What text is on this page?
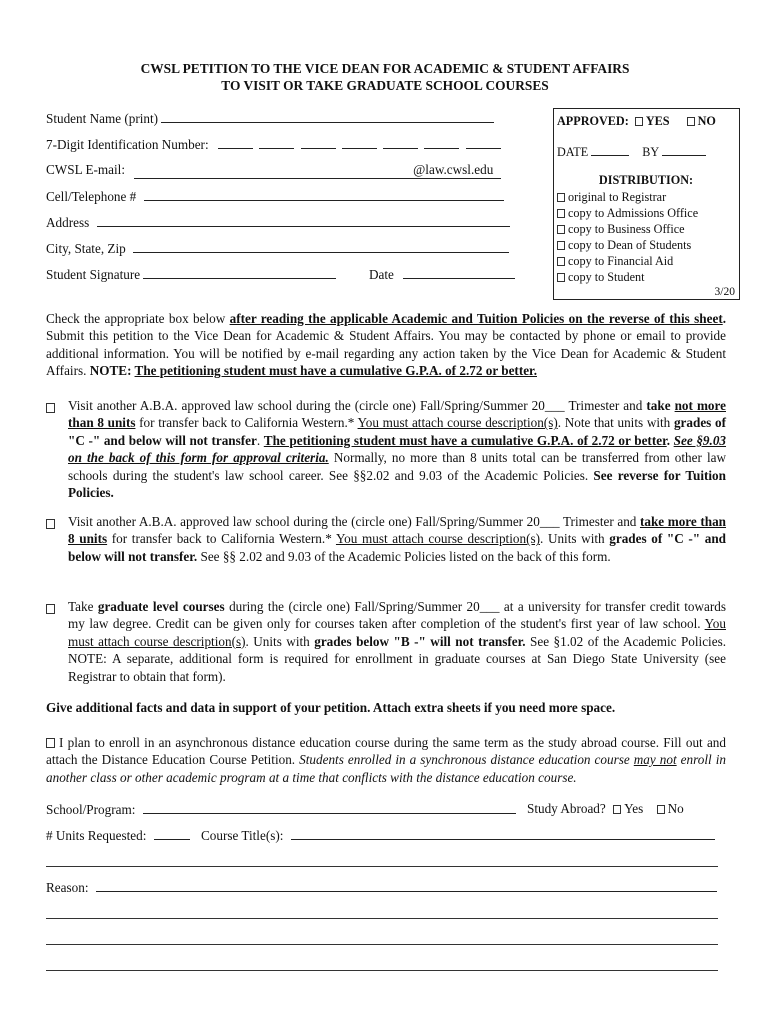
CWSL PETITION TO THE VICE DEAN FOR ACADEMIC & STUDENT AFFAIRS
TO VISIT OR TAKE GRADUATE SCHOOL COURSES
Student Name (print)
7-Digit Identification Number:
CWSL E-mail:	@law.cwsl.edu
Cell/Telephone #
Address
City, State, Zip
Student Signature	Date
APPROVED: YES NO
DATE	BY
DISTRIBUTION:
original to Registrar
copy to Admissions Office
copy to Business Office
copy to Dean of Students
copy to Financial Aid
copy to Student
3/20
Check the appropriate box below after reading the applicable Academic and Tuition Policies on the reverse of this sheet. Submit this petition to the Vice Dean for Academic & Student Affairs. You may be contacted by phone or email to provide additional information. You will be notified by e-mail regarding any action taken by the Vice Dean for Academic & Student Affairs. NOTE: The petitioning student must have a cumulative G.P.A. of 2.72 or better.
Visit another A.B.A. approved law school during the (circle one) Fall/Spring/Summer 20___ Trimester and take not more than 8 units for transfer back to California Western.* You must attach course description(s). Note that units with grades of "C -" and below will not transfer. The petitioning student must have a cumulative G.P.A. of 2.72 or better. See §9.03 on the back of this form for approval criteria. Normally, no more than 8 units total can be transferred from other law schools during the student's law school career. See §§2.02 and 9.03 of the Academic Policies. See reverse for Tuition Policies.
Visit another A.B.A. approved law school during the (circle one) Fall/Spring/Summer 20___ Trimester and take more than 8 units for transfer back to California Western.* You must attach course description(s). Units with grades of "C -" and below will not transfer. See §§ 2.02 and 9.03 of the Academic Policies listed on the back of this form.
Take graduate level courses during the (circle one) Fall/Spring/Summer 20___ at a university for transfer credit towards my law degree. Credit can be given only for courses taken after completion of the student's first year of law school. You must attach course description(s). Units with grades below "B -" will not transfer. See §1.02 of the Academic Policies. NOTE: A separate, additional form is required for enrollment in graduate courses at San Diego State University (see Registrar to obtain that form).
Give additional facts and data in support of your petition. Attach extra sheets if you need more space.
I plan to enroll in an asynchronous distance education course during the same term as the study abroad course. Fill out and attach the Distance Education Course Petition. Students enrolled in a synchronous distance education course may not enroll in another class or other academic program at a time that conflicts with the distance education course.
School/Program:	Study Abroad? Yes No
# Units Requested:	Course Title(s):
Reason:
